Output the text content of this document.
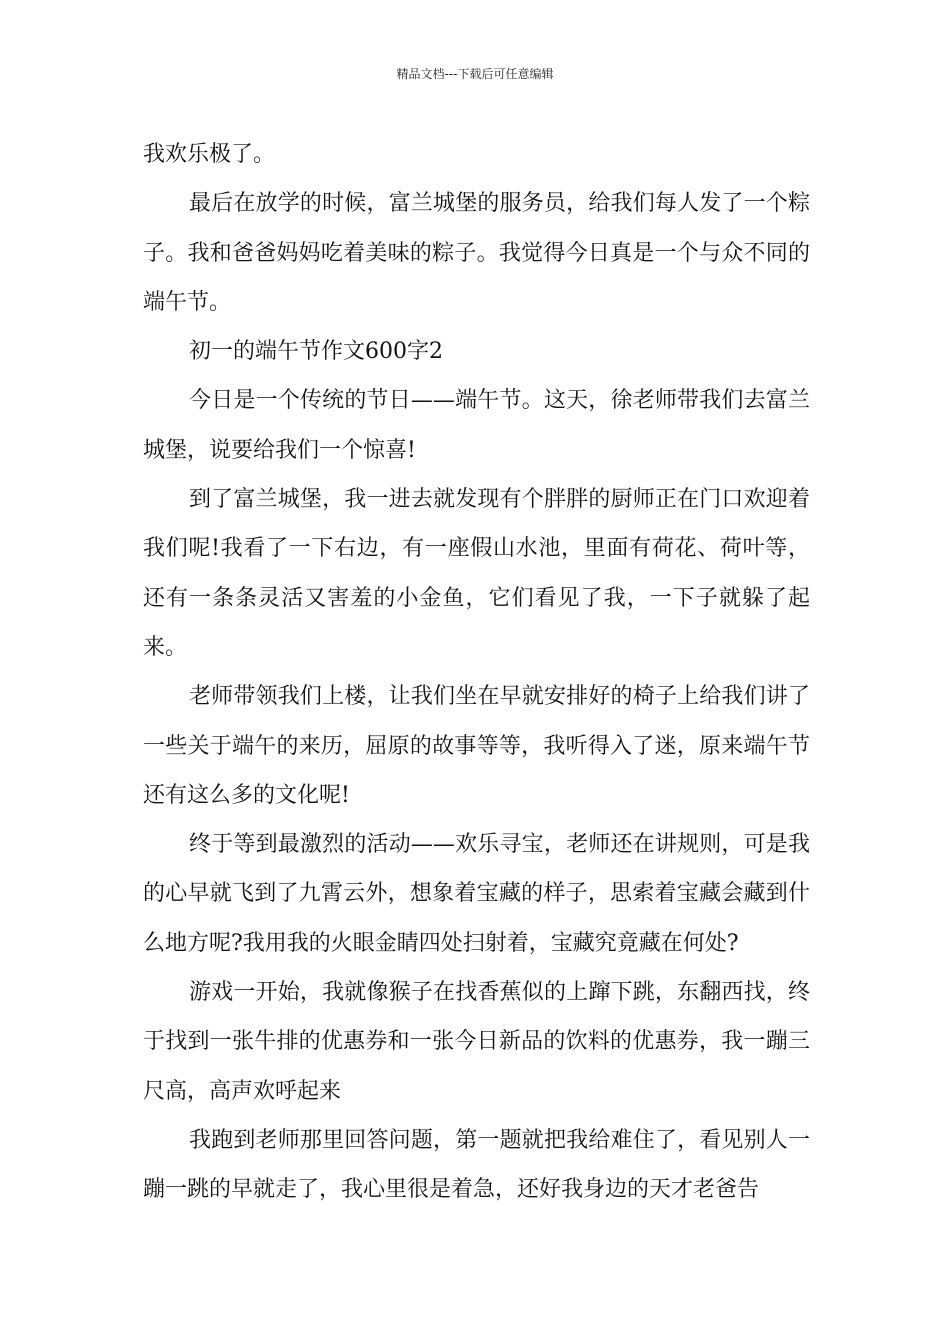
精品文档---下载后可任意编辑

我欢乐极了。

最后在放学的时候，富兰城堡的服务员，给我们每人发了一个粽子。我和爸爸妈妈吃着美味的粽子。我觉得今日真是一个与众不同的端午节。

初一的端午节作文600字2

今日是一个传统的节日——端午节。这天，徐老师带我们去富兰城堡，说要给我们一个惊喜!

到了富兰城堡，我一进去就发现有个胖胖的厨师正在门口欢迎着我们呢!我看了一下右边，有一座假山水池，里面有荷花、荷叶等，还有一条条灵活又害羞的小金鱼，它们看见了我，一下子就躲了起来。

老师带领我们上楼，让我们坐在早就安排好的椅子上给我们讲了一些关于端午的来历，屈原的故事等等，我听得入了迷，原来端午节还有这么多的文化呢!

终于等到最激烈的活动——欢乐寻宝，老师还在讲规则，可是我的心早就飞到了九霄云外，想象着宝藏的样子，思索着宝藏会藏到什么地方呢?我用我的火眼金睛四处扫射着，宝藏究竟藏在何处?

游戏一开始，我就像猴子在找香蕉似的上蹿下跳，东翻西找，终于找到一张牛排的优惠券和一张今日新品的饮料的优惠券，我一蹦三尺高，高声欢呼起来

我跑到老师那里回答问题，第一题就把我给难住了，看见别人一蹦一跳的早就走了，我心里很是着急，还好我身边的天才老爸告
